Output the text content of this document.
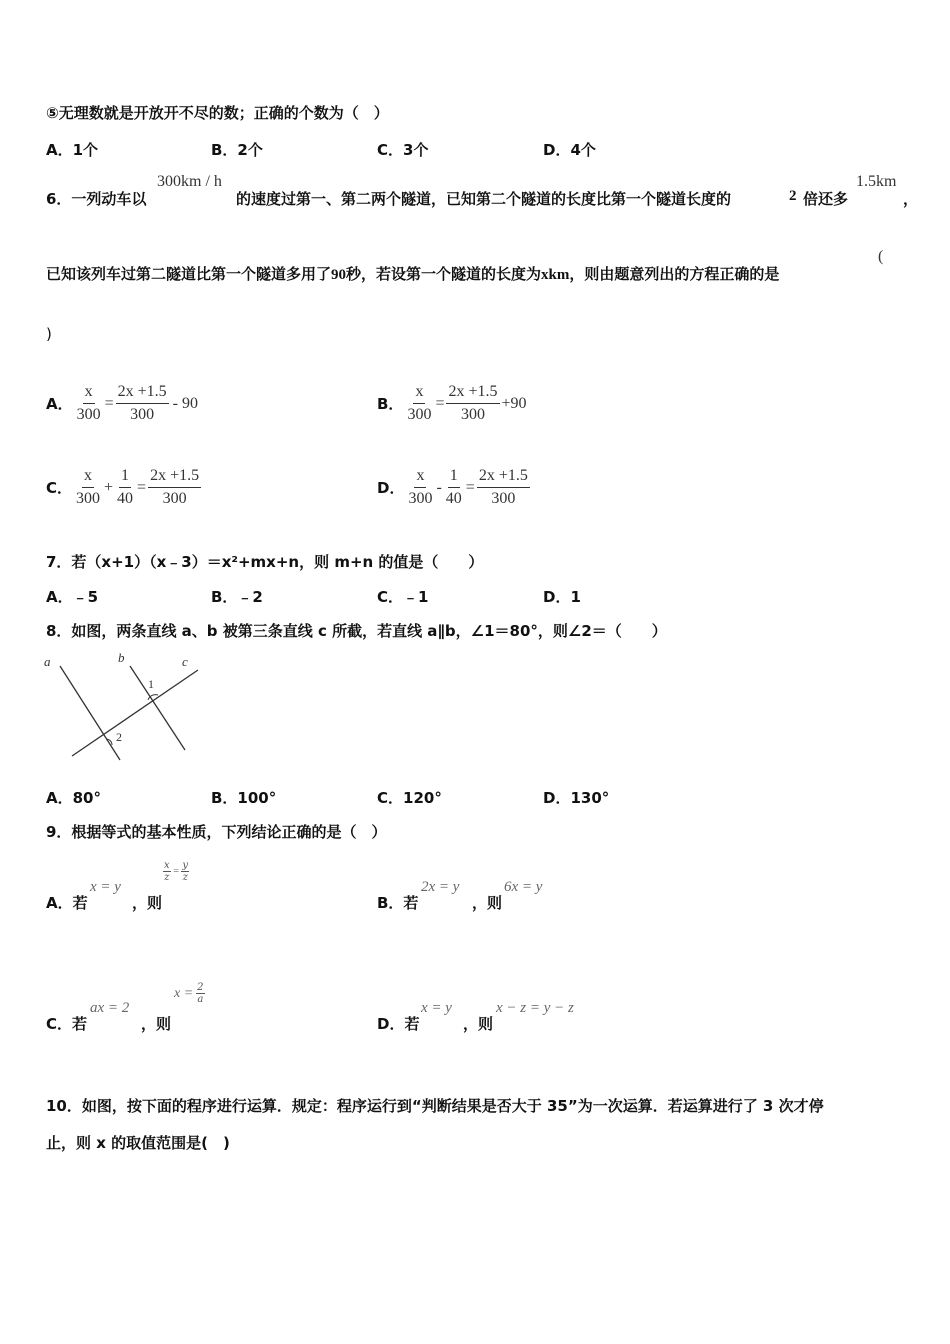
⑤无理数就是开放开不尽的数；正确的个数为（　）
A．1个	B．2个	C．3个	D．4个
6．一列动车以
300km / h
的速度过第一、第二两个隧道，已知第二个隧道的长度比第一个隧道长度的	2 倍还多
1.5km
，
已知该列车过第二隧道比第一个隧道多用了90秒，若设第一个隧道的长度为xkm，则由题意列出的方程正确的是
(
)
A． $\frac{x}{300} = \frac{2x +1.5}{300} - 90$	B． $\frac{x}{300} = \frac{2x +1.5}{300} +90$
C． $\frac{x}{300} + \frac{1}{40} = \frac{2x +1.5}{300}$	D． $\frac{x}{300} - \frac{1}{40} = \frac{2x +1.5}{300}$
7．若（x+1）（x﹣3）＝x²+mx+n，则 m+n 的值是（　　）
A．﹣5	B．﹣2	C．﹣1	D．1
8．如图，两条直线 a、b 被第三条直线 c 所截，若直线 a∥b，∠1＝80°，则∠2＝（　　）
a	b	c
1
2
A．80°	B．100°	C．120°	D．130°
9．根据等式的基本性质，下列结论正确的是（　）
A．若
x = y
，则
$\frac{x}{z} = \frac{y}{z}$
B．若
2x = y
，则
6x = y
C．若
ax = 2
，则
$x = \frac{2}{a}$
D．若
x = y
，则
x − z = y − z
10．如图，按下面的程序进行运算．规定：程序运行到“判断结果是否大于 35”为一次运算．若运算进行了 3 次才停
止，则 x 的取值范围是(　)
